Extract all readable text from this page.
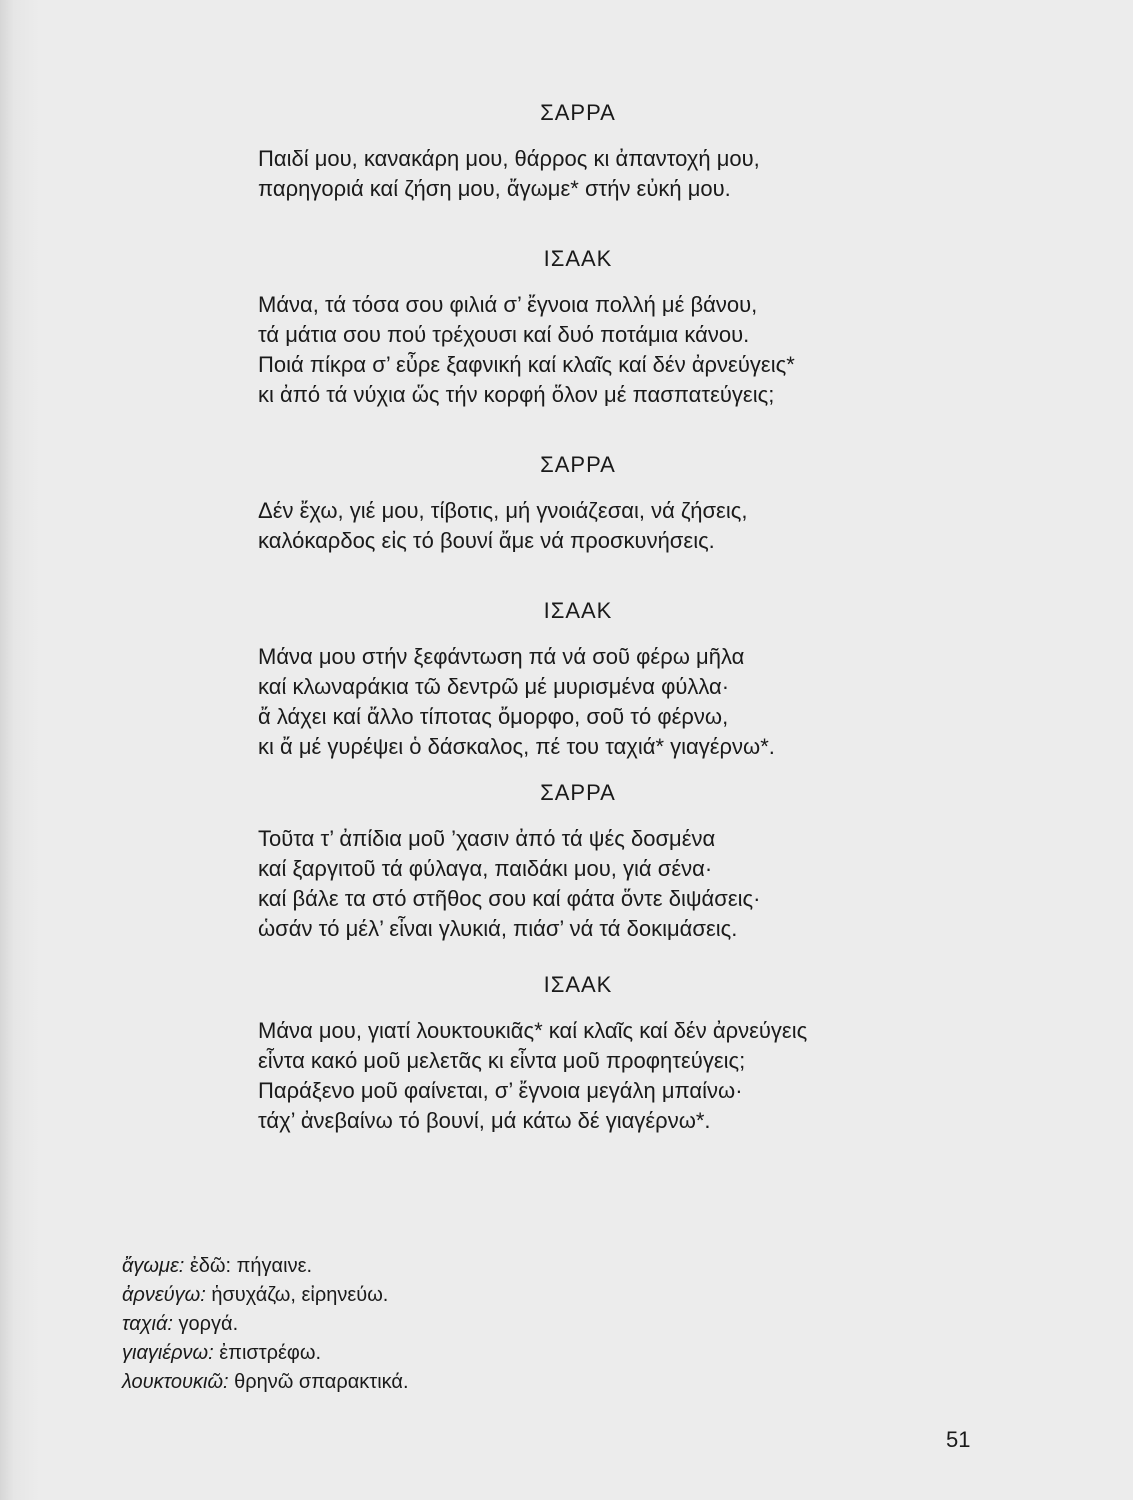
ΣΑΡΡΑ

Παιδί μου, κανακάρη μου, θάρρος κι ἀπαντοχή μου,

παρηγοριά καί ζήση μου, ἄγωμε* στήν εὐκή μου.

ΙΣΑΑΚ

Μάνα, τά τόσα σου φιλιά σ’ ἔγνοια πολλή μέ βάνου,

τά μάτια σου πού τρέχουσι καί δυό ποτάμια κάνου.

Ποιά πίκρα σ’ εὖρε ξαφνική καί κλαῖς καί δέν ἀρνεύγεις*

κι ἀπό τά νύχια ὥς τήν κορφή ὅλον μέ πασπατεύγεις;

ΣΑΡΡΑ

Δέν ἔχω, γιέ μου, τίβοτις, μή γνοιάζεσαι, νά ζήσεις,

καλόκαρδος εἰς τό βουνί ἄμε νά προσκυνήσεις.

ΙΣΑΑΚ

Μάνα μου στήν ξεφάντωση πά νά σοῦ φέρω μῆλα

καί κλωναράκια τῶ δεντρῶ μέ μυρισμένα φύλλα·

ἄ λάχει καί ἄλλο τίποτας ὄμορφο, σοῦ τό φέρνω,

κι ἄ μέ γυρέψει ὁ δάσκαλος, πέ του ταχιά* γιαγέρνω*.

ΣΑΡΡΑ

Τοῦτα τ’ ἀπίδια μοῦ ’χασιν ἀπό τά ψές δοσμένα

καί ξαργιτοῦ τά φύλαγα, παιδάκι μου, γιά σένα·

καί βάλε τα στό στῆθος σου καί φάτα ὅντε διψάσεις·

ὡσάν τό μέλ’ εἶναι γλυκιά, πιάσ’ νά τά δοκιμάσεις.

ΙΣΑΑΚ

Μάνα μου, γιατί λουκτουκιᾶς* καί κλαῖς καί δέν ἀρνεύγεις

εἶντα κακό μοῦ μελετᾶς κι εἶντα μοῦ προφητεύγεις;

Παράξενο μοῦ φαίνεται, σ’ ἔγνοια μεγάλη μπαίνω·

τάχ’ ἀνεβαίνω τό βουνί, μά κάτω δέ γιαγέρνω*.

ἄγωμε: ἐδῶ: πήγαινε.
ἀρνεύγω: ἡσυχάζω, εἰρηνεύω.
ταχιά: γοργά.
γιαγιέρνω: ἐπιστρέφω.
λουκτουκιῶ: θρηνῶ σπαρακτικά.
51
